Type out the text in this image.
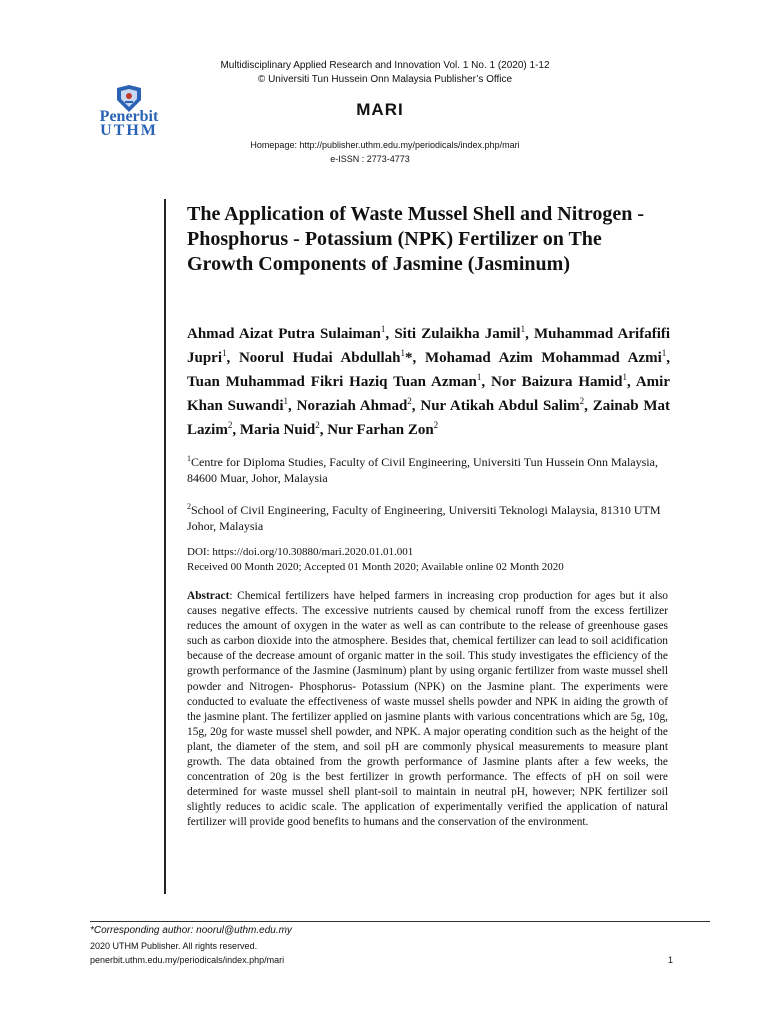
Multidisciplinary Applied Research and Innovation Vol. 1 No. 1 (2020) 1-12
© Universiti Tun Hussein Onn Malaysia Publisher’s Office
Penerbit
UTHM
MARI
Homepage: http://publisher.uthm.edu.my/periodicals/index.php/mari
e-ISSN : 2773-4773
The Application of Waste Mussel Shell and Nitrogen - Phosphorus - Potassium (NPK) Fertilizer on The Growth Components of Jasmine (Jasminum)
Ahmad Aizat Putra Sulaiman$^1$, Siti Zulaikha Jamil$^1$, Muhammad Arifafifi Jupri$^1$, Noorul Hudai Abdullah$^1$*, Mohamad Azim Mohammad Azmi$^1$, Tuan Muhammad Fikri Haziq Tuan Azman$^1$, Nor Baizura Hamid$^1$, Amir Khan Suwandi$^1$, Noraziah Ahmad$^2$, Nur Atikah Abdul Salim$^2$, Zainab Mat Lazim$^2$, Maria Nuid$^2$, Nur Farhan Zon$^2$
$^1$Centre for Diploma Studies, Faculty of Civil Engineering, Universiti Tun Hussein Onn Malaysia, 84600 Muar, Johor, Malaysia
$^2$School of Civil Engineering, Faculty of Engineering, Universiti Teknologi Malaysia, 81310 UTM Johor, Malaysia
DOI: https://doi.org/10.30880/mari.2020.01.01.001
Received 00 Month 2020; Accepted 01 Month 2020; Available online 02 Month 2020
Abstract: Chemical fertilizers have helped farmers in increasing crop production for ages but it also causes negative effects. The excessive nutrients caused by chemical runoff from the excess fertilizer reduces the amount of oxygen in the water as well as can contribute to the release of greenhouse gases such as carbon dioxide into the atmosphere. Besides that, chemical fertilizer can lead to soil acidification because of the decrease amount of organic matter in the soil. This study investigates the efficiency of the growth performance of the Jasmine (Jasminum) plant by using organic fertilizer from waste mussel shell powder and Nitrogen- Phosphorus- Potassium (NPK) on the Jasmine plant. The experiments were conducted to evaluate the effectiveness of waste mussel shells powder and NPK in aiding the growth of the jasmine plant. The fertilizer applied on jasmine plants with various concentrations which are 5g, 10g, 15g, 20g for waste mussel shell powder, and NPK. A major operating condition such as the height of the plant, the diameter of the stem, and soil pH are commonly physical measurements to measure plant growth. The data obtained from the growth performance of Jasmine plants after a few weeks, the concentration of 20g is the best fertilizer in growth performance. The effects of pH on soil were determined for waste mussel shell plant-soil to maintain in neutral pH, however; NPK fertilizer soil slightly reduces to acidic scale. The application of experimentally verified the application of natural fertilizer will provide good benefits to humans and the conservation of the environment.
*Corresponding author: noorul@uthm.edu.my
2020 UTHM Publisher. All rights reserved.
penerbit.uthm.edu.my/periodicals/index.php/mari	1
